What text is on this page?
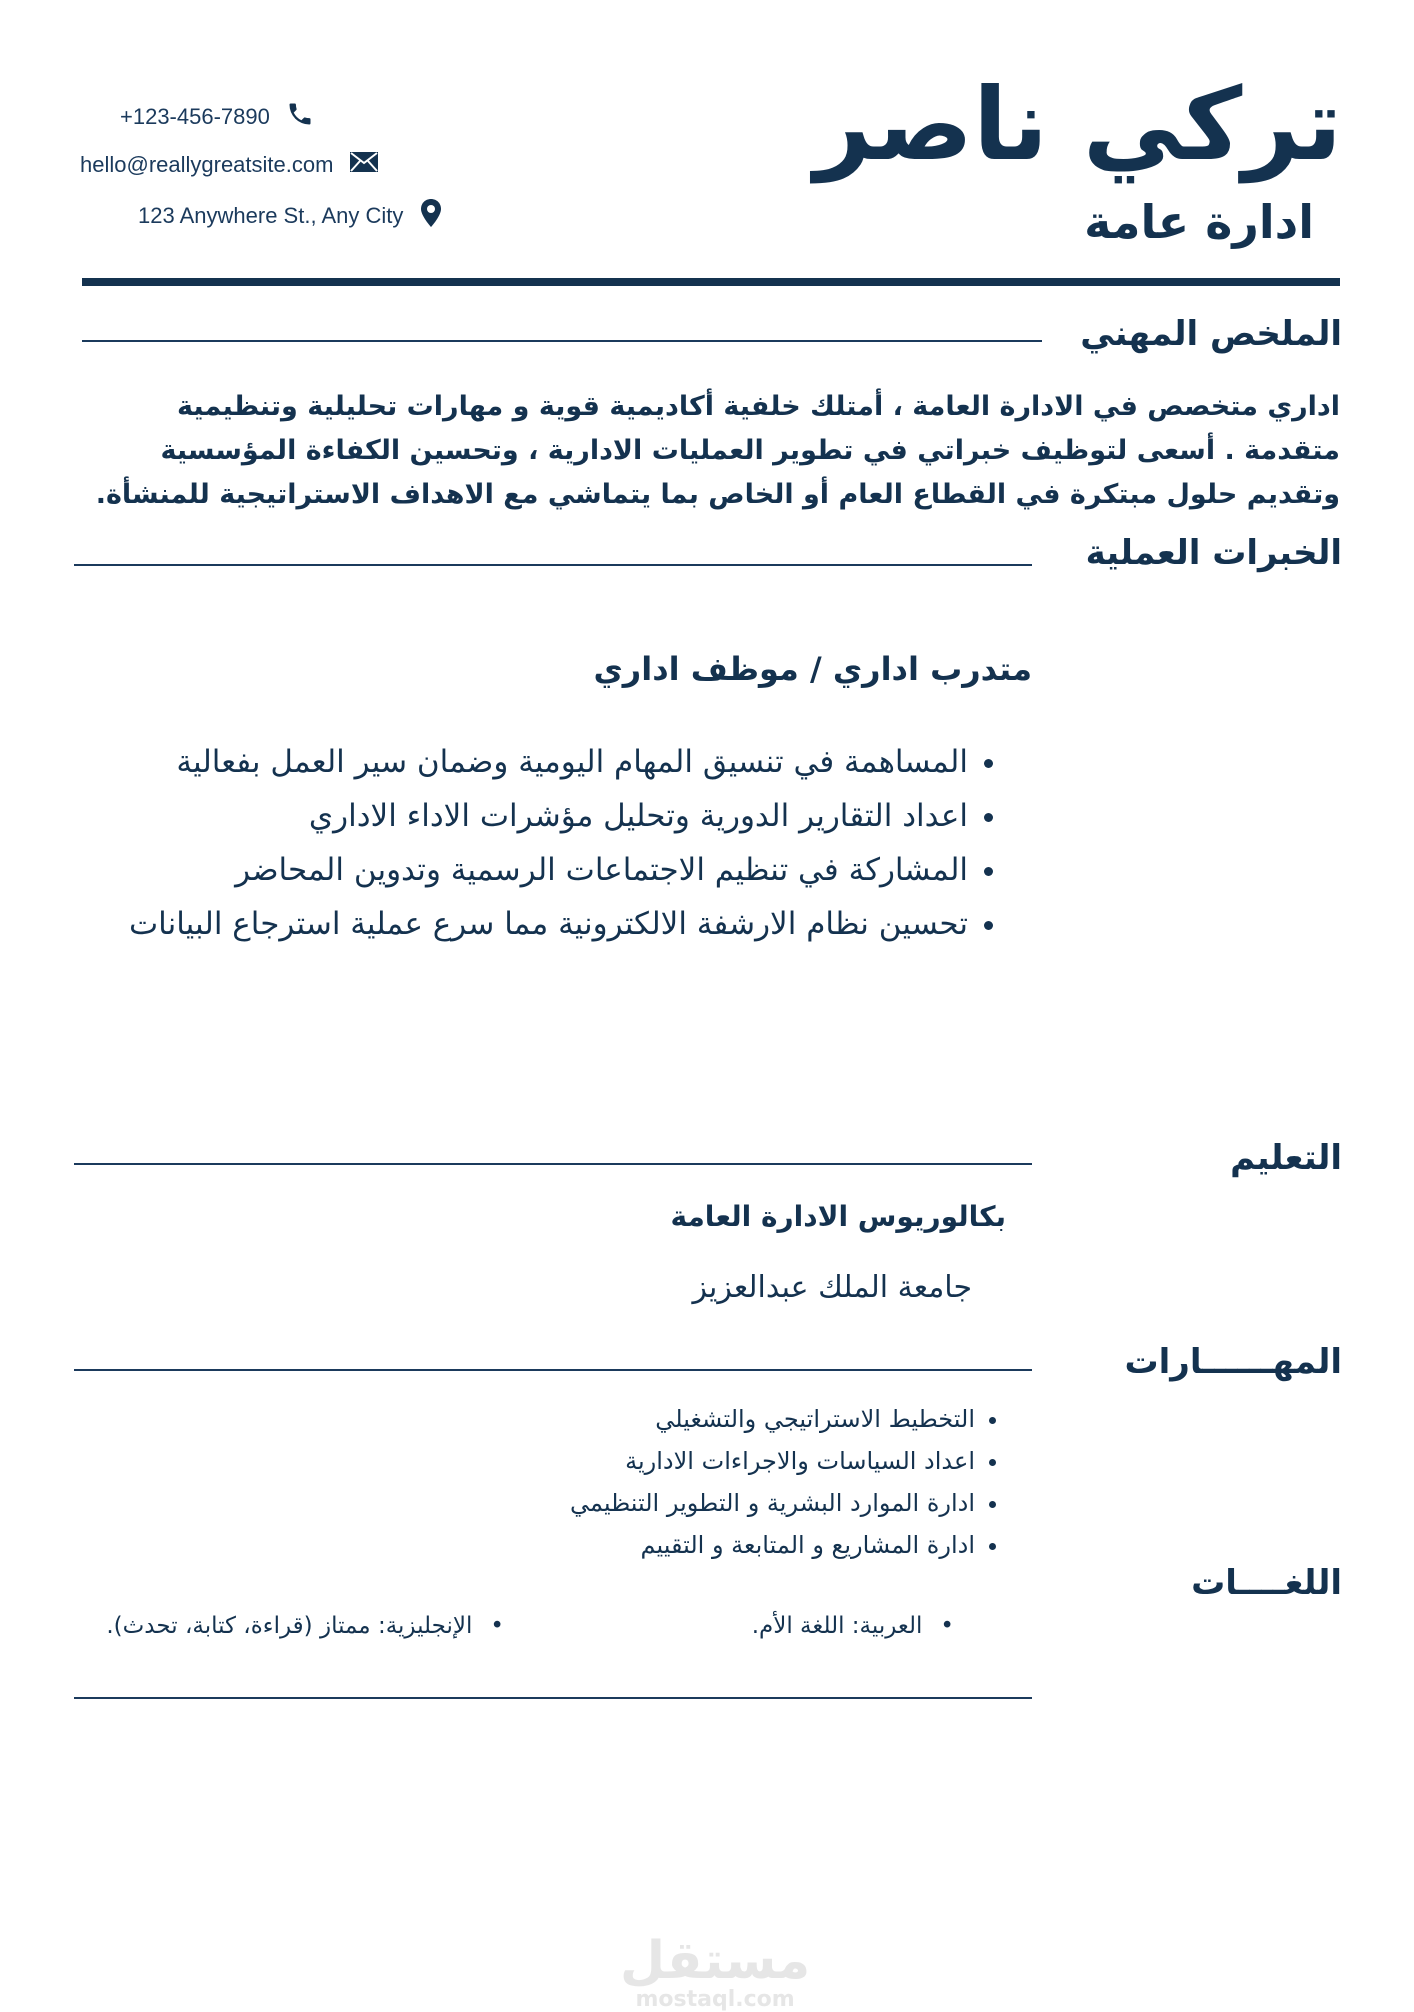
تركي ناصر
ادارة عامة
+123-456-7890
hello@reallygreatsite.com
123 Anywhere St., Any City
الملخص المهني
اداري متخصص في الادارة العامة ، أمتلك خلفية أكاديمية قوية و مهارات تحليلية وتنظيمية متقدمة . أسعى لتوظيف خبراتي في تطوير العمليات الادارية ، وتحسين الكفاءة المؤسسية وتقديم حلول مبتكرة في القطاع العام أو الخاص بما يتماشي مع الاهداف الاستراتيجية للمنشأة.
الخبرات العملية
متدرب اداري / موظف اداري
• المساهمة في تنسيق المهام اليومية وضمان سير العمل بفعالية
• اعداد التقارير الدورية وتحليل مؤشرات الاداء الاداري
• المشاركة في تنظيم الاجتماعات الرسمية وتدوين المحاضر
• تحسين نظام الارشفة الالكترونية مما سرع عملية استرجاع البيانات
التعليم
بكالوريوس الادارة العامة
جامعة الملك عبدالعزيز
المهــــــارات
• التخطيط الاستراتيجي والتشغيلي
• اعداد السياسات والاجراءات الادارية
• ادارة الموارد البشرية و التطوير التنظيمي
• ادارة المشاريع و المتابعة و التقييم
اللغــــات
•العربية: اللغة الأم.
•الإنجليزية: ممتاز (قراءة، كتابة، تحدث).
مستقل
mostaql.com
